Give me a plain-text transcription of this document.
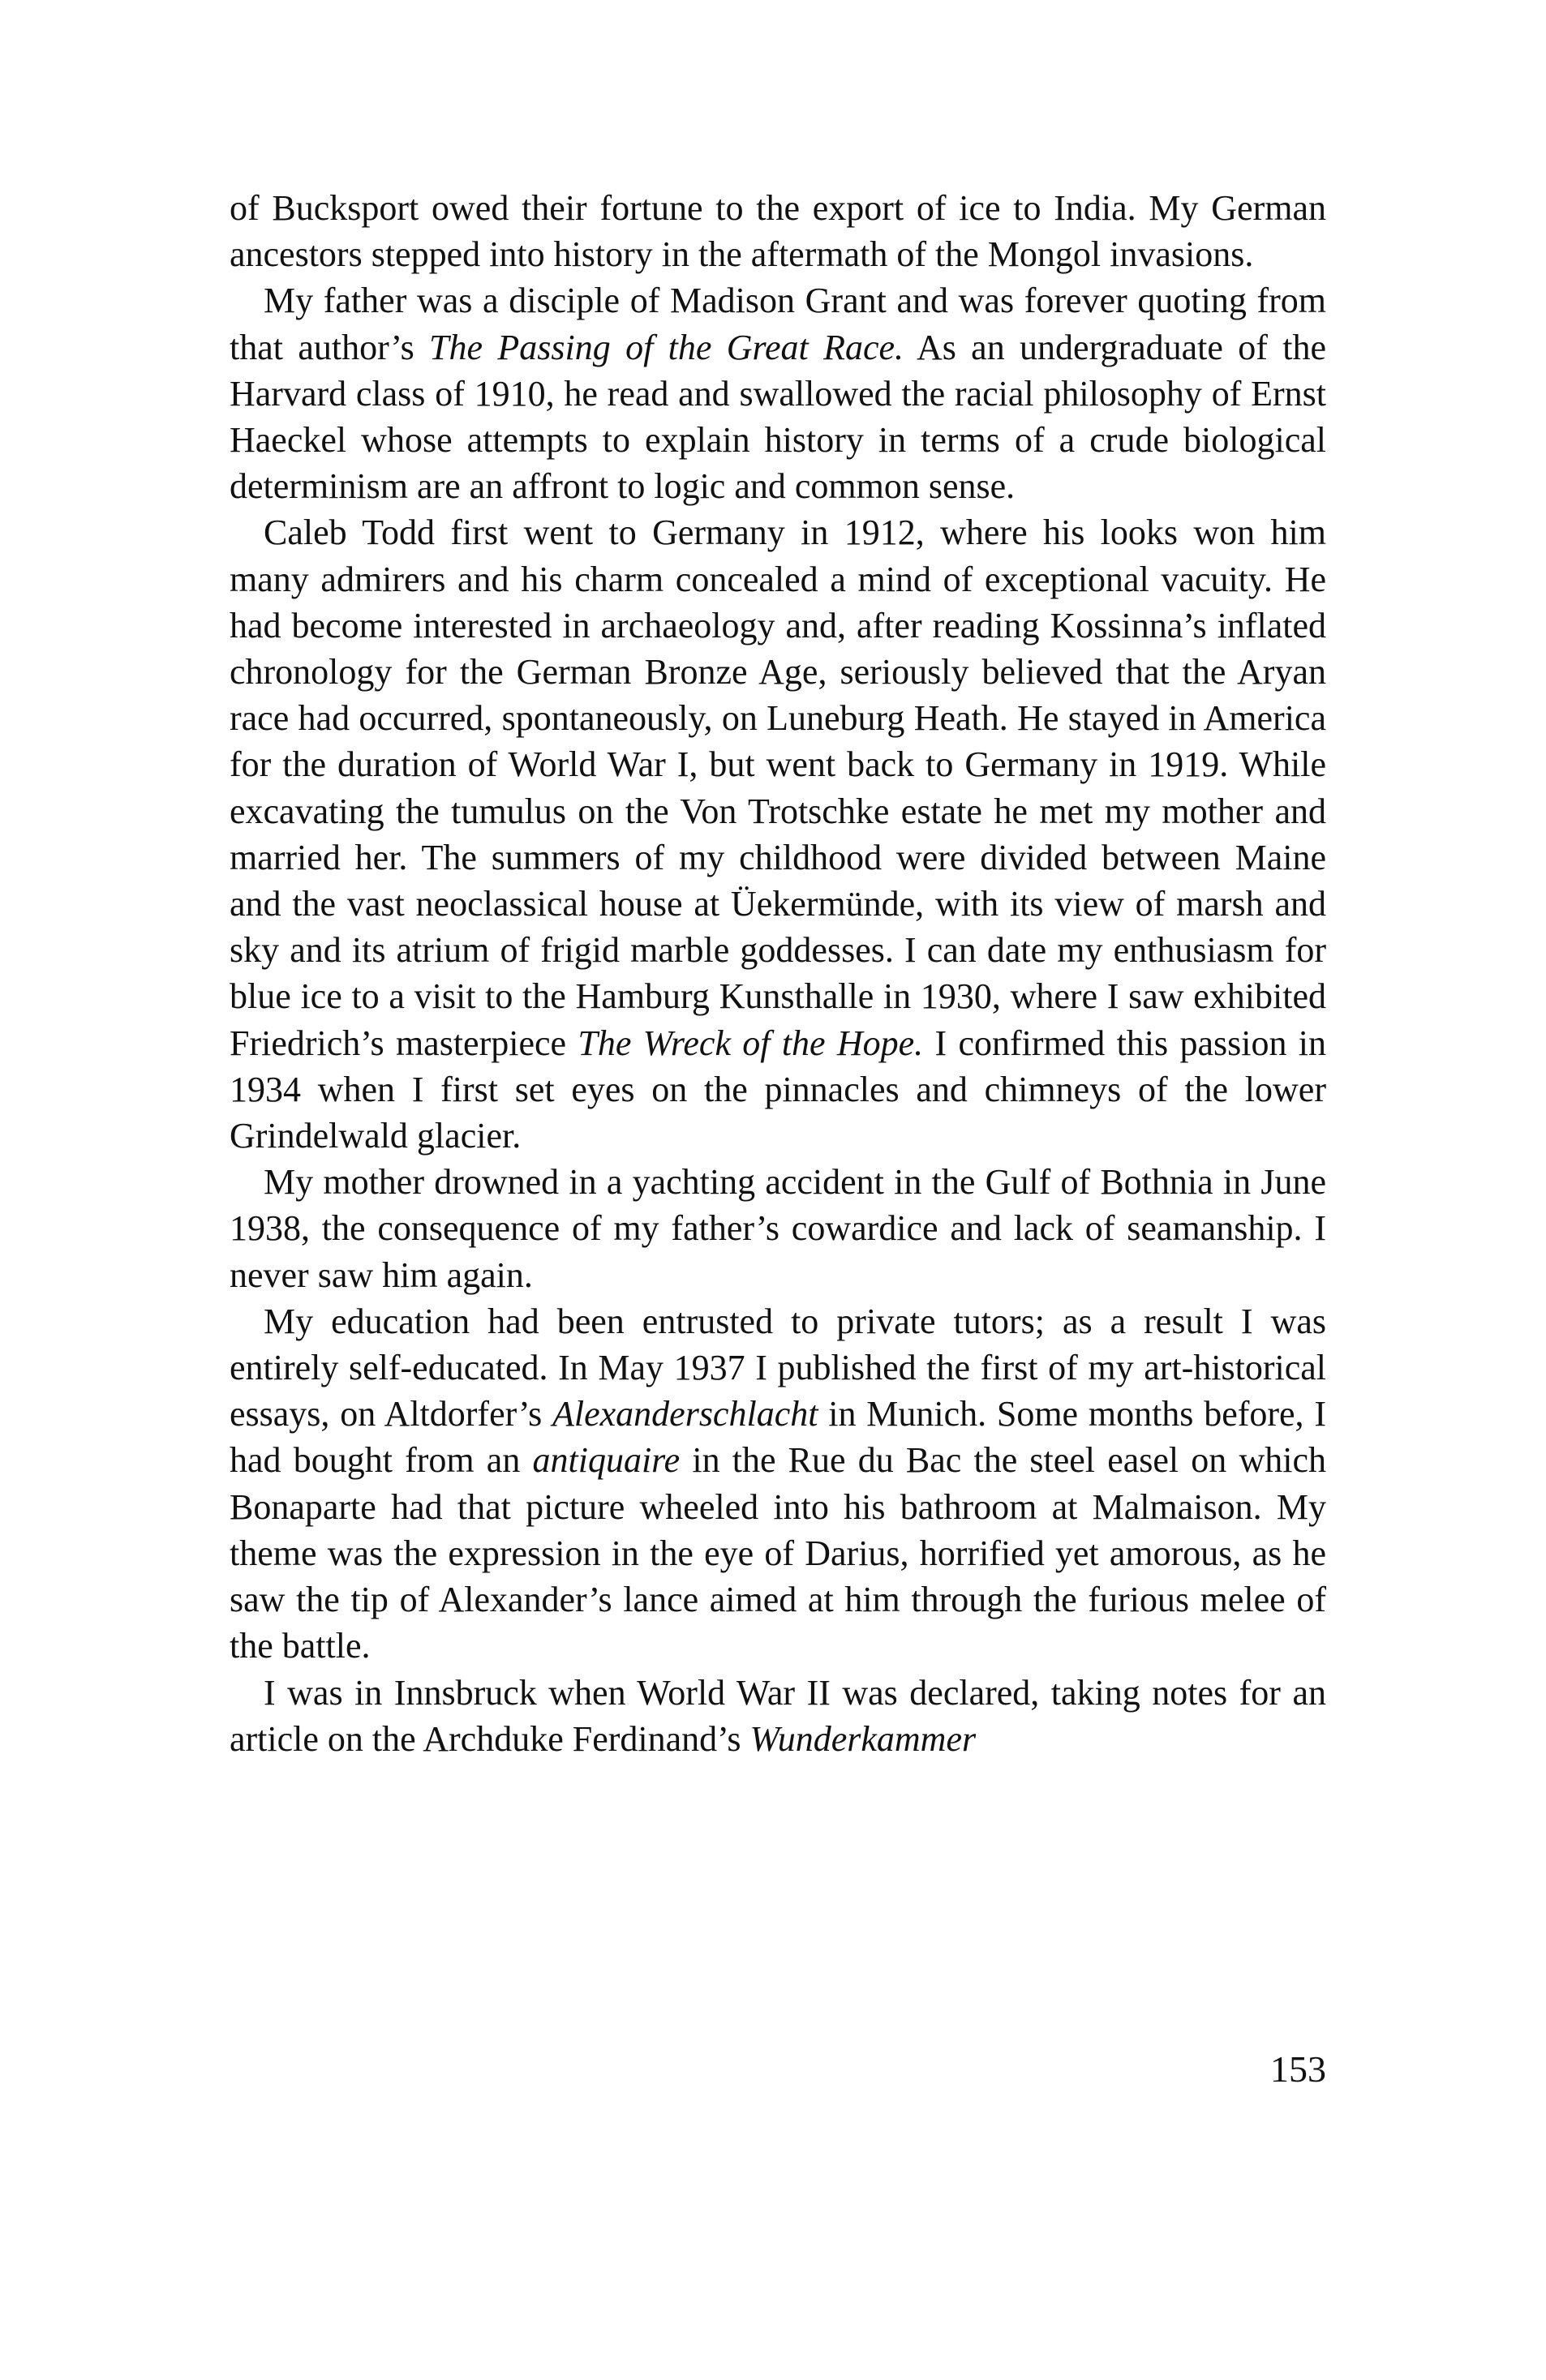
of Bucksport owed their fortune to the export of ice to India. My German ancestors stepped into history in the aftermath of the Mongol invasions.

My father was a disciple of Madison Grant and was forever quoting from that author’s The Passing of the Great Race. As an undergraduate of the Harvard class of 1910, he read and swallowed the racial philosophy of Ernst Haeckel whose attempts to explain history in terms of a crude biological determinism are an affront to logic and common sense.

Caleb Todd first went to Germany in 1912, where his looks won him many admirers and his charm concealed a mind of exceptional vacuity. He had become interested in archaeology and, after reading Kossinna’s inflated chronology for the German Bronze Age, seriously believed that the Aryan race had occurred, spontaneously, on Luneburg Heath. He stayed in America for the duration of World War I, but went back to Germany in 1919. While excavating the tumulus on the Von Trotschke estate he met my mother and married her. The summers of my childhood were divided between Maine and the vast neoclassical house at Üekermünde, with its view of marsh and sky and its atrium of frigid marble goddesses. I can date my enthusiasm for blue ice to a visit to the Hamburg Kunsthalle in 1930, where I saw exhibited Friedrich’s masterpiece The Wreck of the Hope. I confirmed this passion in 1934 when I first set eyes on the pinnacles and chimneys of the lower Grindelwald glacier.

My mother drowned in a yachting accident in the Gulf of Bothnia in June 1938, the consequence of my father’s cowardice and lack of seamanship. I never saw him again.

My education had been entrusted to private tutors; as a result I was entirely self-educated. In May 1937 I published the first of my art-historical essays, on Altdorfer’s Alexanderschlacht in Munich. Some months before, I had bought from an antiquaire in the Rue du Bac the steel easel on which Bonaparte had that picture wheeled into his bathroom at Malmaison. My theme was the expression in the eye of Darius, horrified yet amorous, as he saw the tip of Alexander’s lance aimed at him through the furious melee of the battle.

I was in Innsbruck when World War II was declared, taking notes for an article on the Archduke Ferdinand’s Wunderkammer

153
